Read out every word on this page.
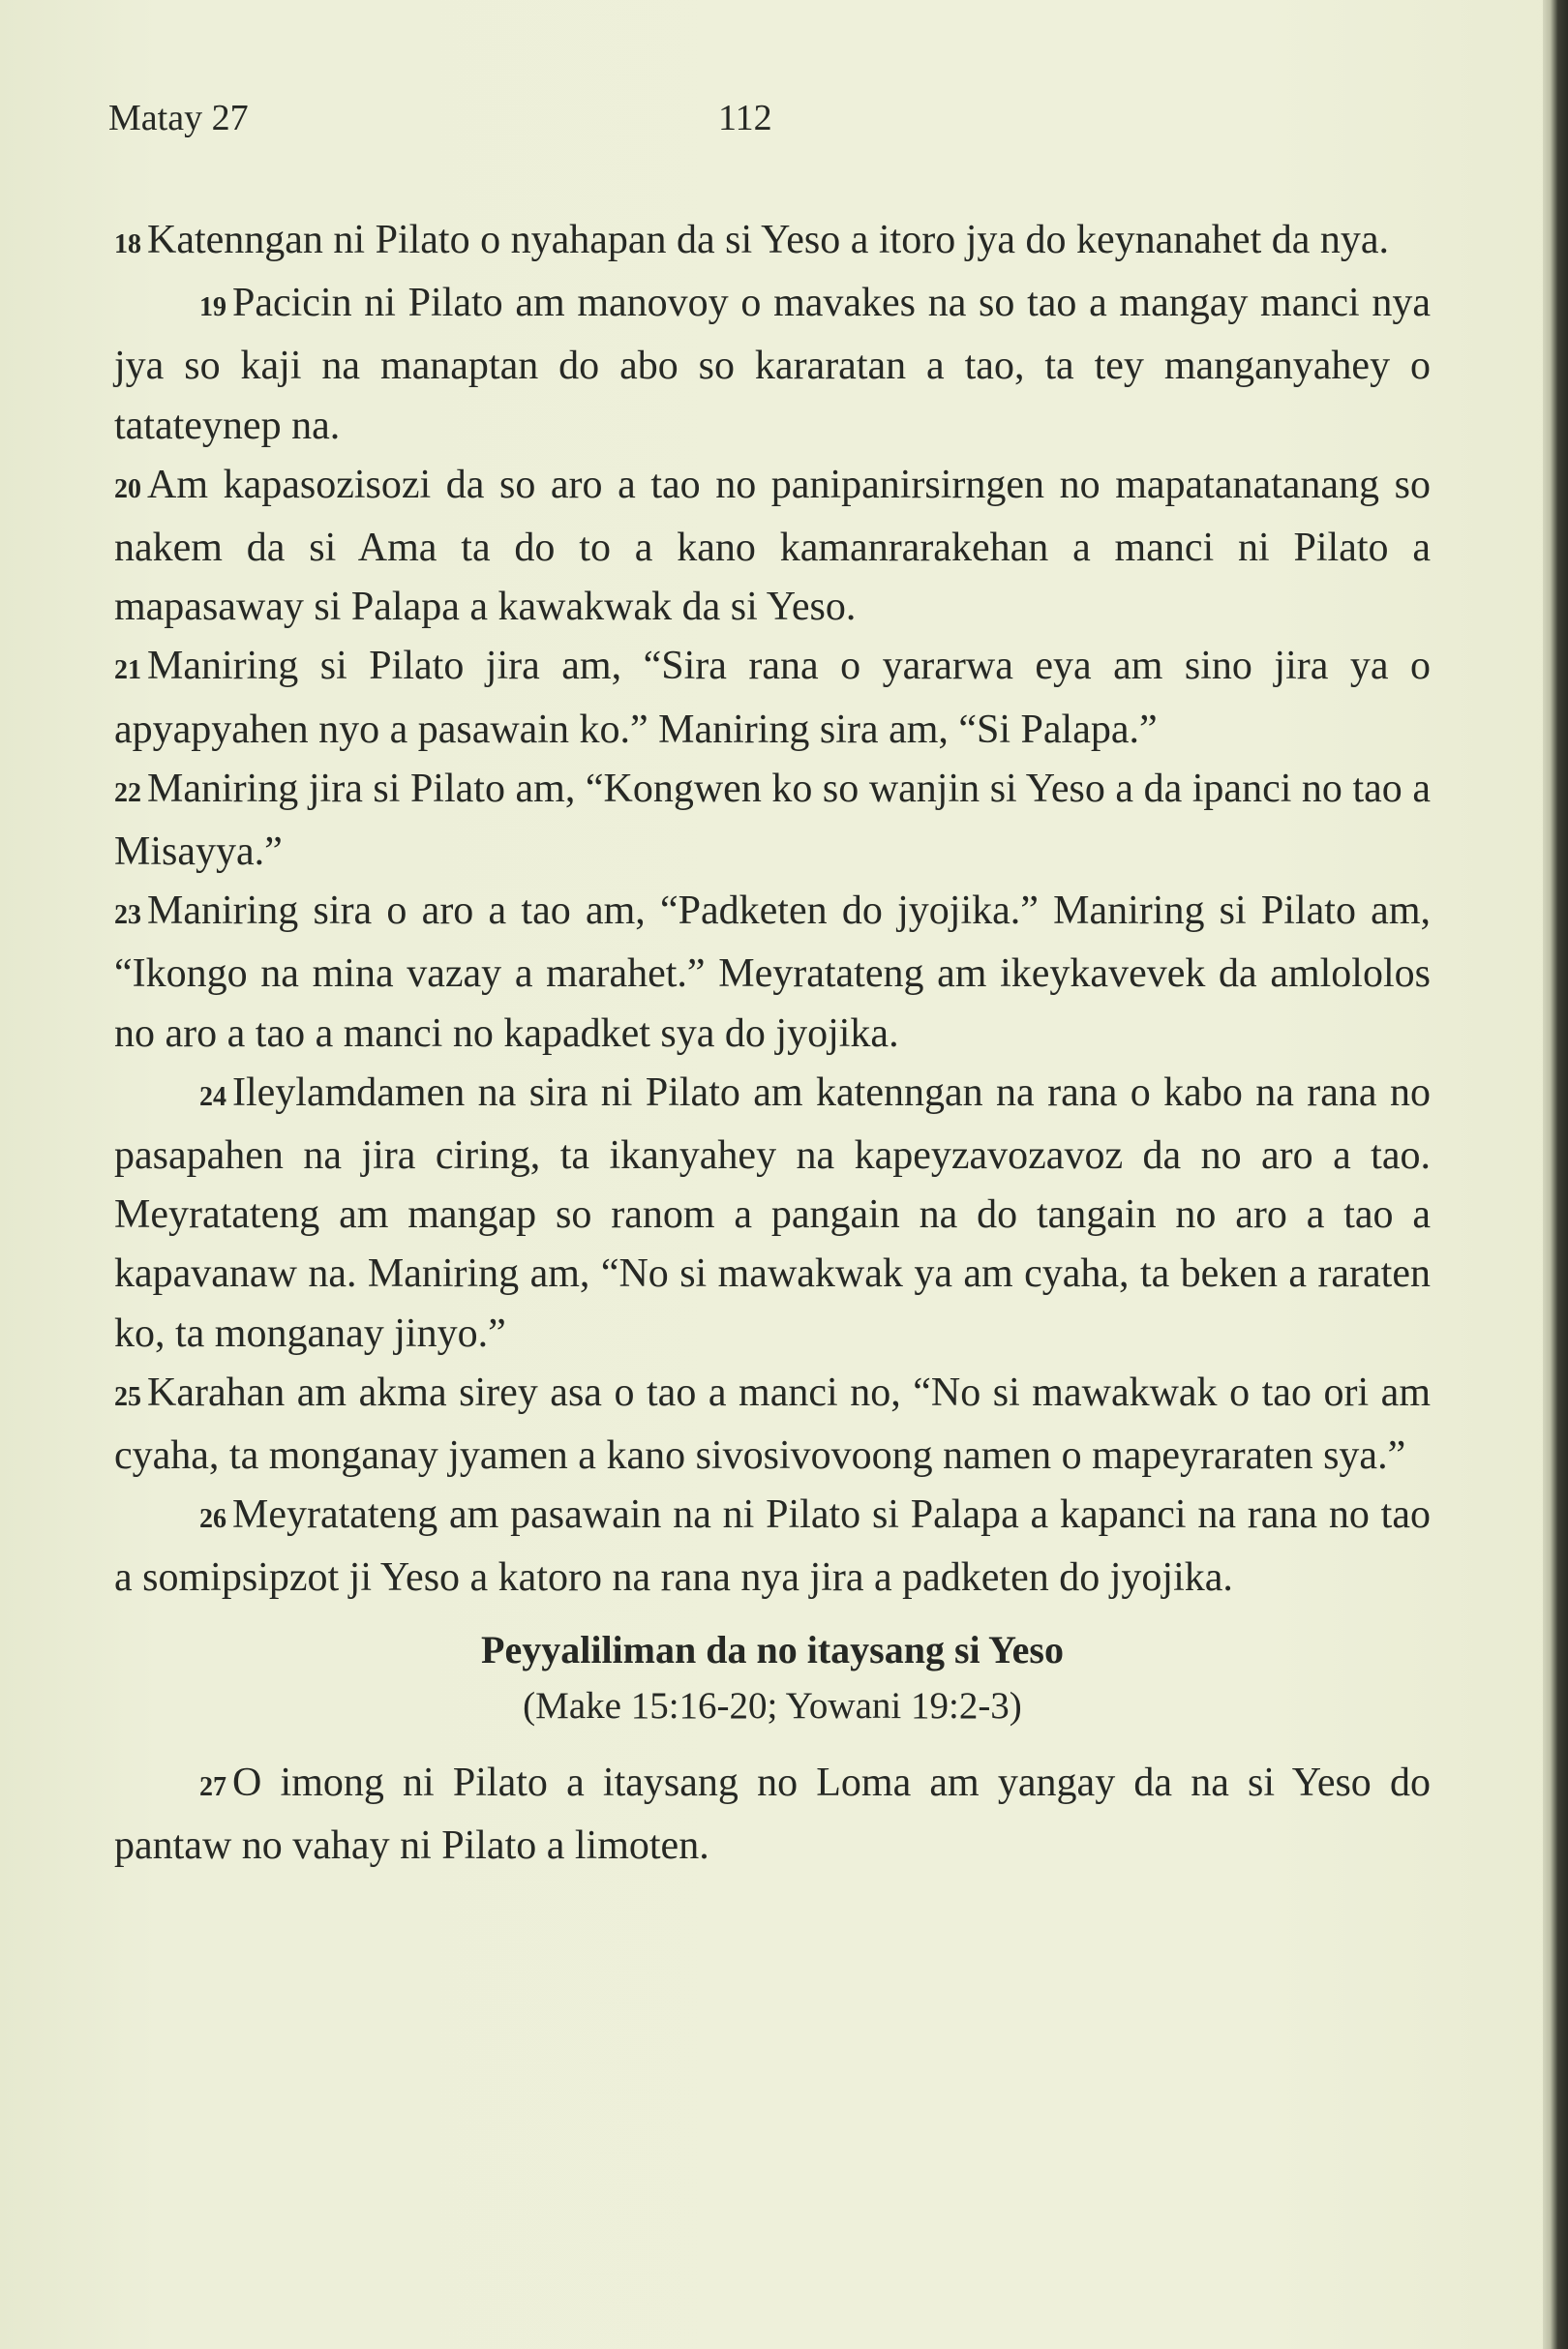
Matay 27	112

18 Katenngan ni Pilato o nyahapan da si Yeso a itoro jya do keynanahet da nya.

19 Pacicin ni Pilato am manovoy o mavakes na so tao a mangay manci nya jya so kaji na manaptan do abo so kararatan a tao, ta tey manganyahey o tatateynep na.

20 Am kapasozisozi da so aro a tao no panipanirsirngen no mapatanatanang so nakem da si Ama ta do to a kano kamanrarakehan a manci ni Pilato a mapasaway si Palapa a kawakwak da si Yeso.

21 Maniring si Pilato jira am, “Sira rana o yararwa eya am sino jira ya o apyapyahen nyo a pasawain ko.” Maniring sira am, “Si Palapa.”

22 Maniring jira si Pilato am, “Kongwen ko so wanjin si Yeso a da ipanci no tao a Misayya.”

23 Maniring sira o aro a tao am, “Padketen do jyojika.” Maniring si Pilato am, “Ikongo na mina vazay a marahet.” Meyratateng am ikeykavevek da amlololos no aro a tao a manci no kapadket sya do jyojika.

24 Ileylamdamen na sira ni Pilato am katenngan na rana o kabo na rana no pasapahen na jira ciring, ta ikanyahey na kapeyzavozavoz da no aro a tao. Meyratateng am mangap so ranom a pangain na do tangain no aro a tao a kapavanaw na. Maniring am, “No si mawakwak ya am cyaha, ta beken a raraten ko, ta monganay jinyo.”

25 Karahan am akma sirey asa o tao a manci no, “No si mawakwak o tao ori am cyaha, ta monganay jyamen a kano sivosivovoong namen o mapeyraraten sya.”

26 Meyratateng am pasawain na ni Pilato si Palapa a kapanci na rana no tao a somipsipzot ji Yeso a katoro na rana nya jira a padketen do jyojika.

Peyyaliliman da no itaysang si Yeso
(Make 15:16-20; Yowani 19:2-3)

27 O imong ni Pilato a itaysang no Loma am yangay da na si Yeso do pantaw no vahay ni Pilato a limoten.
